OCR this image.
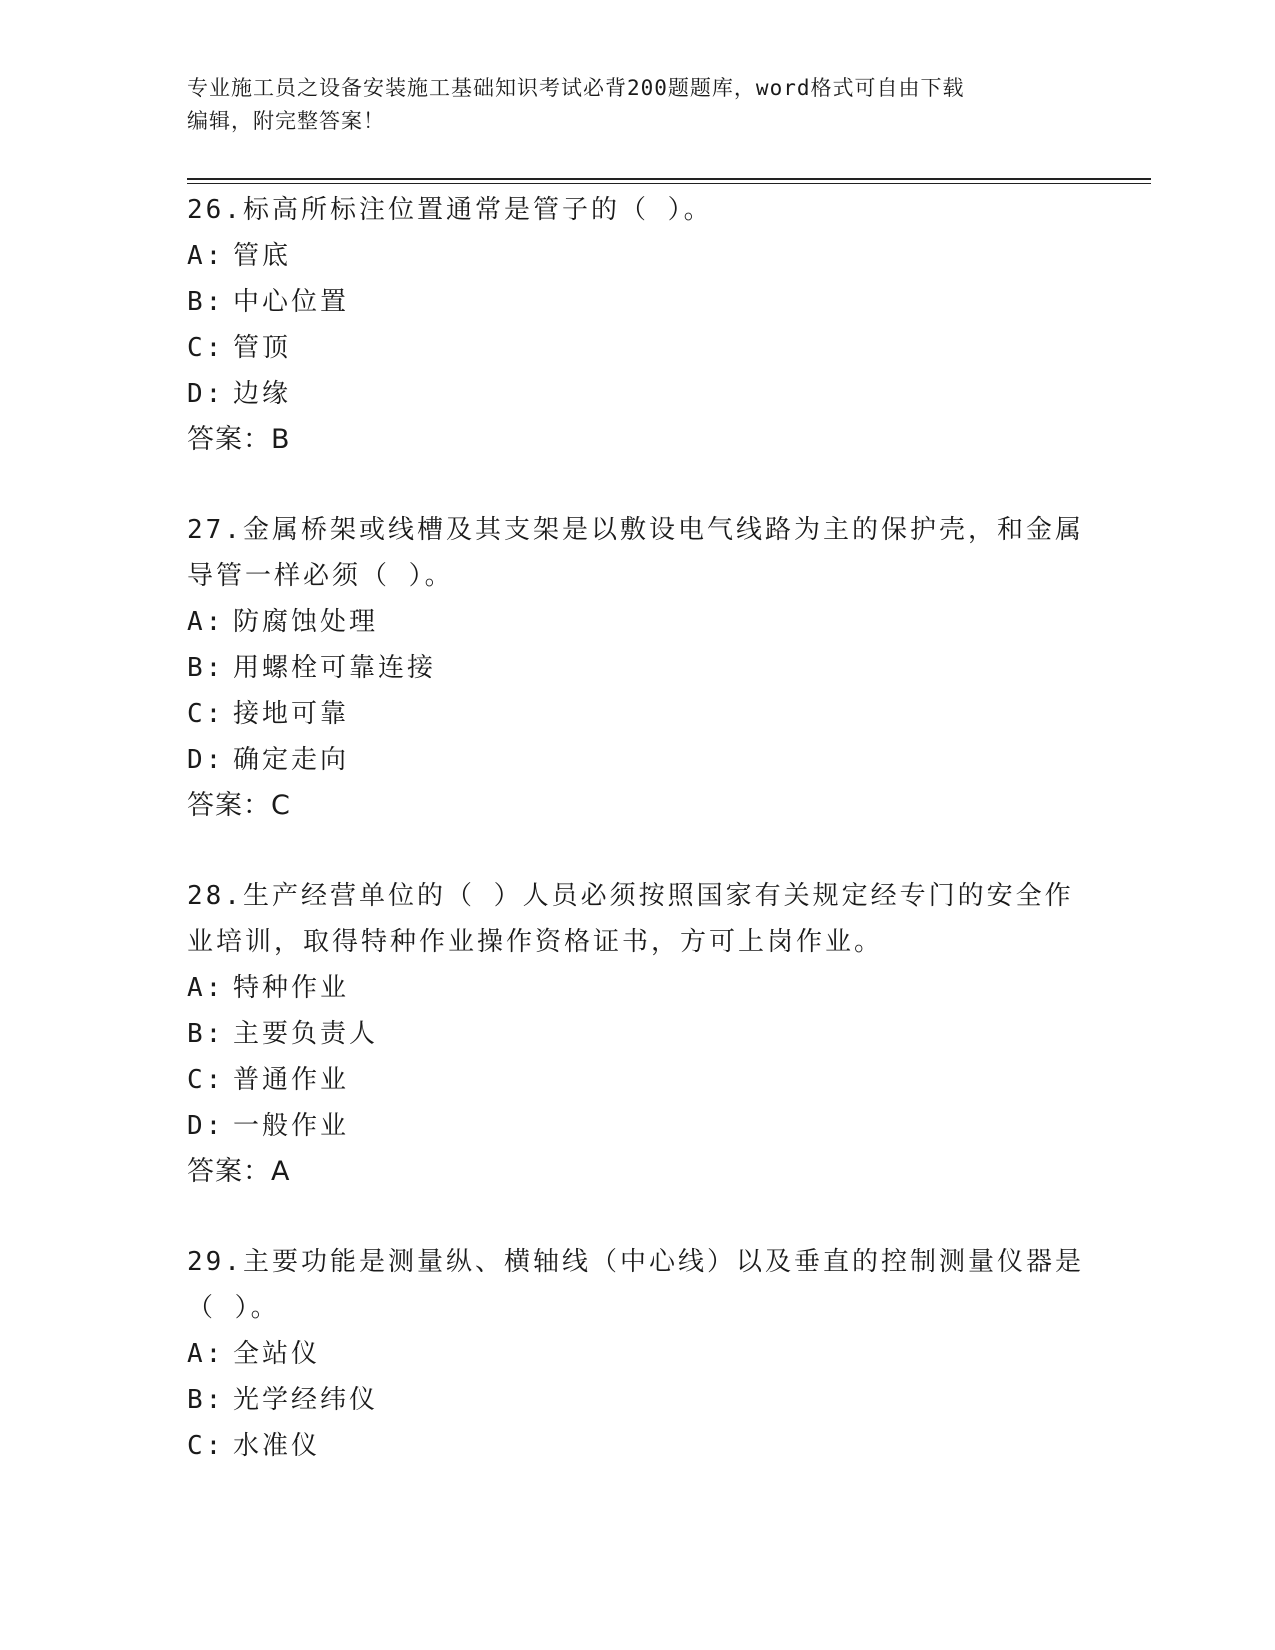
专业施工员之设备安装施工基础知识考试必背200题题库，word格式可自由下载
编辑，附完整答案！

26.标高所标注位置通常是管子的（ ）。

A: 管底

B: 中心位置

C: 管顶

D: 边缘

答案：B

27.金属桥架或线槽及其支架是以敷设电气线路为主的保护壳，和金属

导管一样必须（ ）。

A: 防腐蚀处理

B: 用螺栓可靠连接

C: 接地可靠

D: 确定走向

答案：C

28.生产经营单位的（ ）人员必须按照国家有关规定经专门的安全作

业培训，取得特种作业操作资格证书，方可上岗作业。

A: 特种作业

B: 主要负责人

C: 普通作业

D: 一般作业

答案：A

29.主要功能是测量纵、横轴线（中心线）以及垂直的控制测量仪器是

（ ）。

A: 全站仪

B: 光学经纬仪

C: 水准仪
